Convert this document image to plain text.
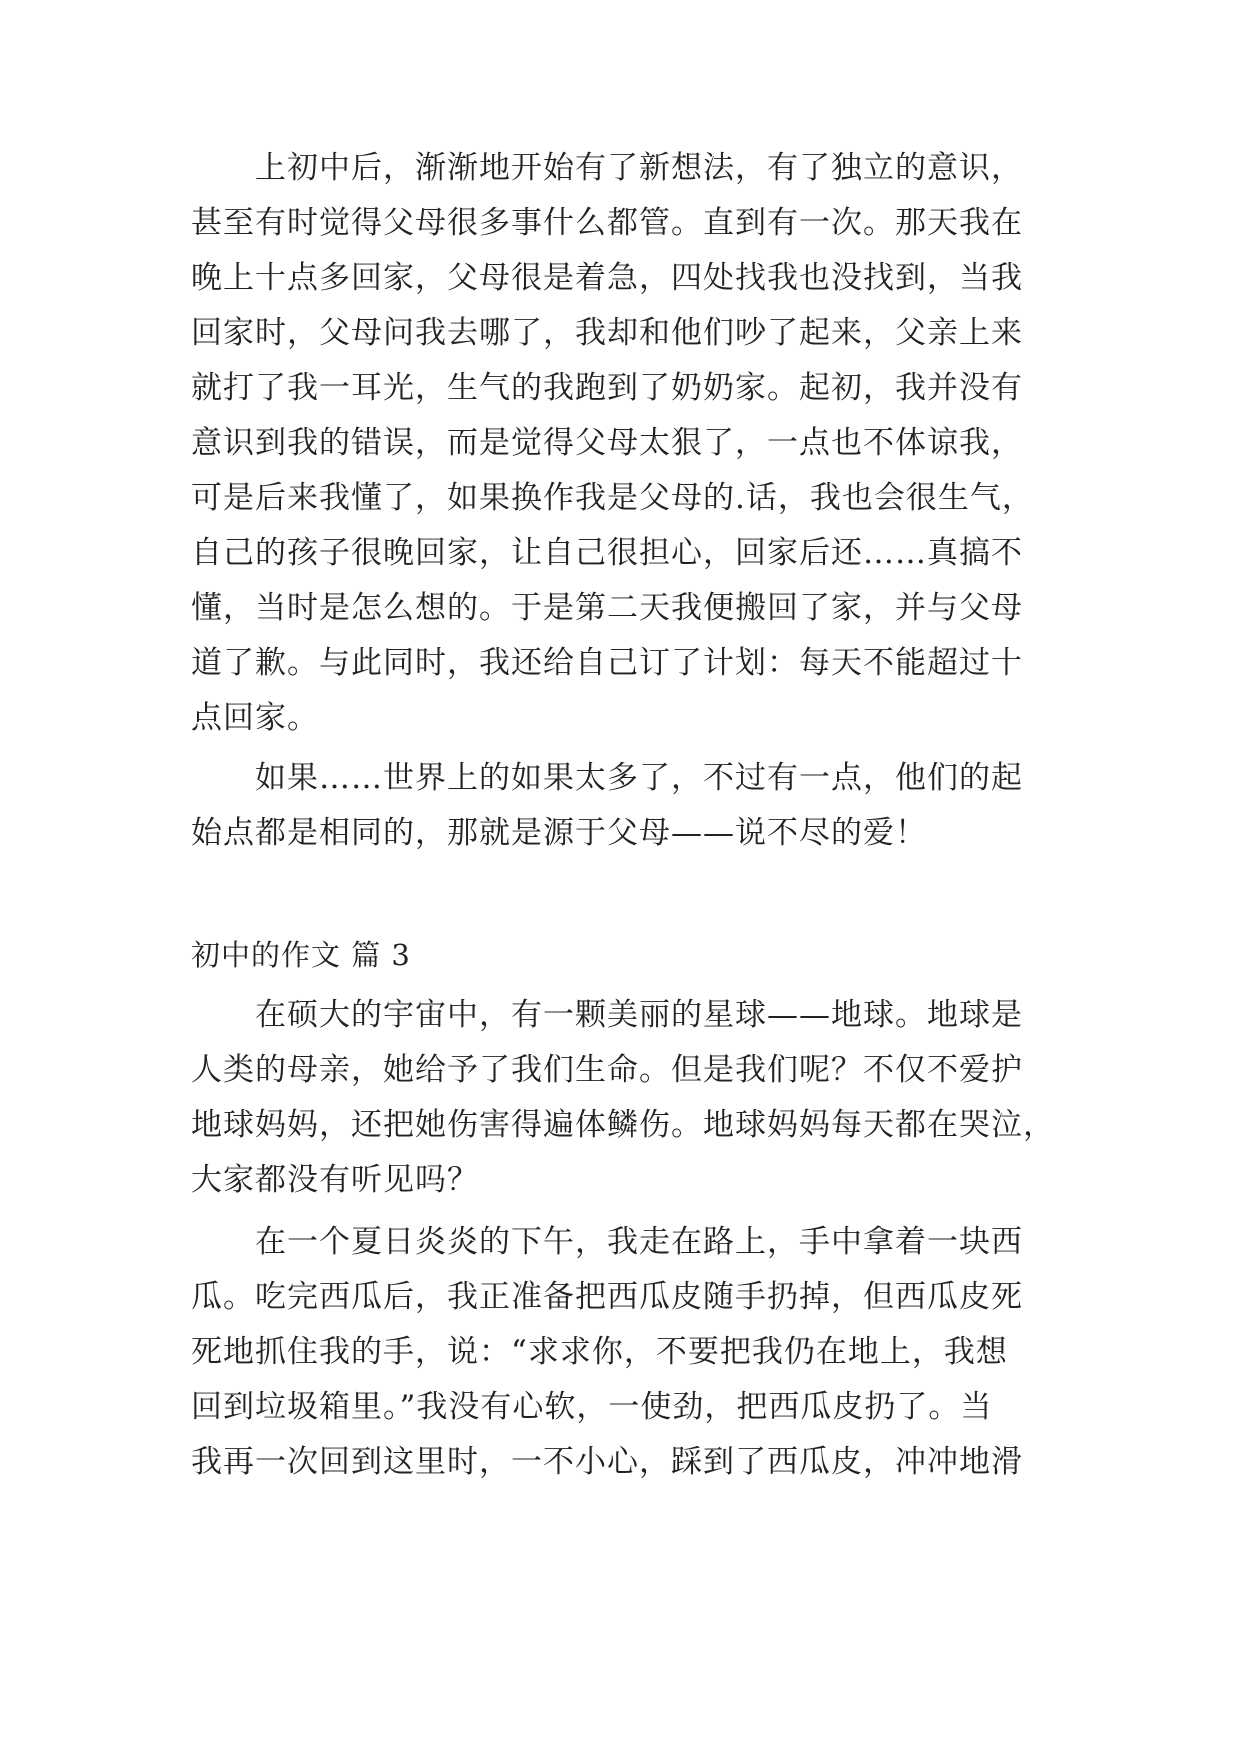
上初中后，渐渐地开始有了新想法，有了独立的意识，
甚至有时觉得父母很多事什么都管。直到有一次。那天我在
晚上十点多回家，父母很是着急，四处找我也没找到，当我
回家时，父母问我去哪了，我却和他们吵了起来，父亲上来
就打了我一耳光，生气的我跑到了奶奶家。起初，我并没有
意识到我的错误，而是觉得父母太狠了，一点也不体谅我，
可是后来我懂了，如果换作我是父母的.话，我也会很生气，
自己的孩子很晚回家，让自己很担心，回家后还……真搞不
懂，当时是怎么想的。于是第二天我便搬回了家，并与父母
道了歉。与此同时，我还给自己订了计划：每天不能超过十
点回家。
如果……世界上的如果太多了，不过有一点，他们的起
始点都是相同的，那就是源于父母——说不尽的爱！
初中的作文 篇 3
在硕大的宇宙中，有一颗美丽的星球——地球。地球是
人类的母亲，她给予了我们生命。但是我们呢？不仅不爱护
地球妈妈，还把她伤害得遍体鳞伤。地球妈妈每天都在哭泣，
大家都没有听见吗？
在一个夏日炎炎的下午，我走在路上，手中拿着一块西
瓜。吃完西瓜后，我正准备把西瓜皮随手扔掉，但西瓜皮死
死地抓住我的手，说：“求求你，不要把我仍在地上，我想
回到垃圾箱里。”我没有心软，一使劲，把西瓜皮扔了。当
我再一次回到这里时，一不小心，踩到了西瓜皮，冲冲地滑
